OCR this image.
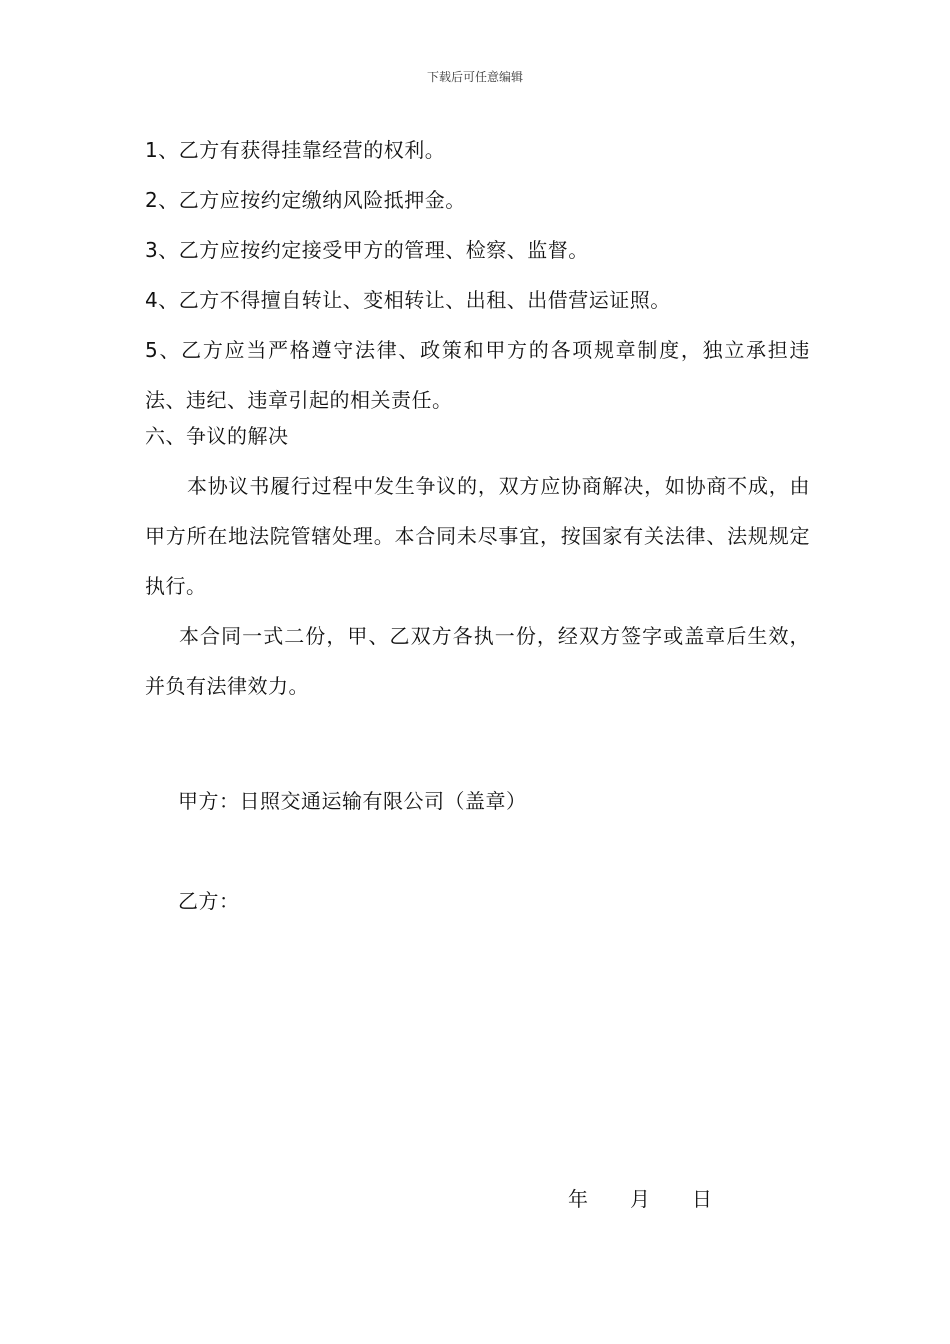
下载后可任意编辑
1、乙方有获得挂靠经营的权利。
2、乙方应按约定缴纳风险抵押金。
3、乙方应按约定接受甲方的管理、检察、监督。
4、乙方不得擅自转让、变相转让、出租、出借营运证照。

5、乙方应当严格遵守法律、政策和甲方的各项规章制度，独立承担违法、违纪、违章引起的相关责任。

六、争议的解决

本协议书履行过程中发生争议的，双方应协商解决，如协商不成，由甲方所在地法院管辖处理。本合同未尽事宜，按国家有关法律、法规规定执行。

本合同一式二份，甲、乙双方各执一份，经双方签字或盖章后生效，并负有法律效力。

甲方：日照交通运输有限公司（盖章）
乙方：
年 月 日
